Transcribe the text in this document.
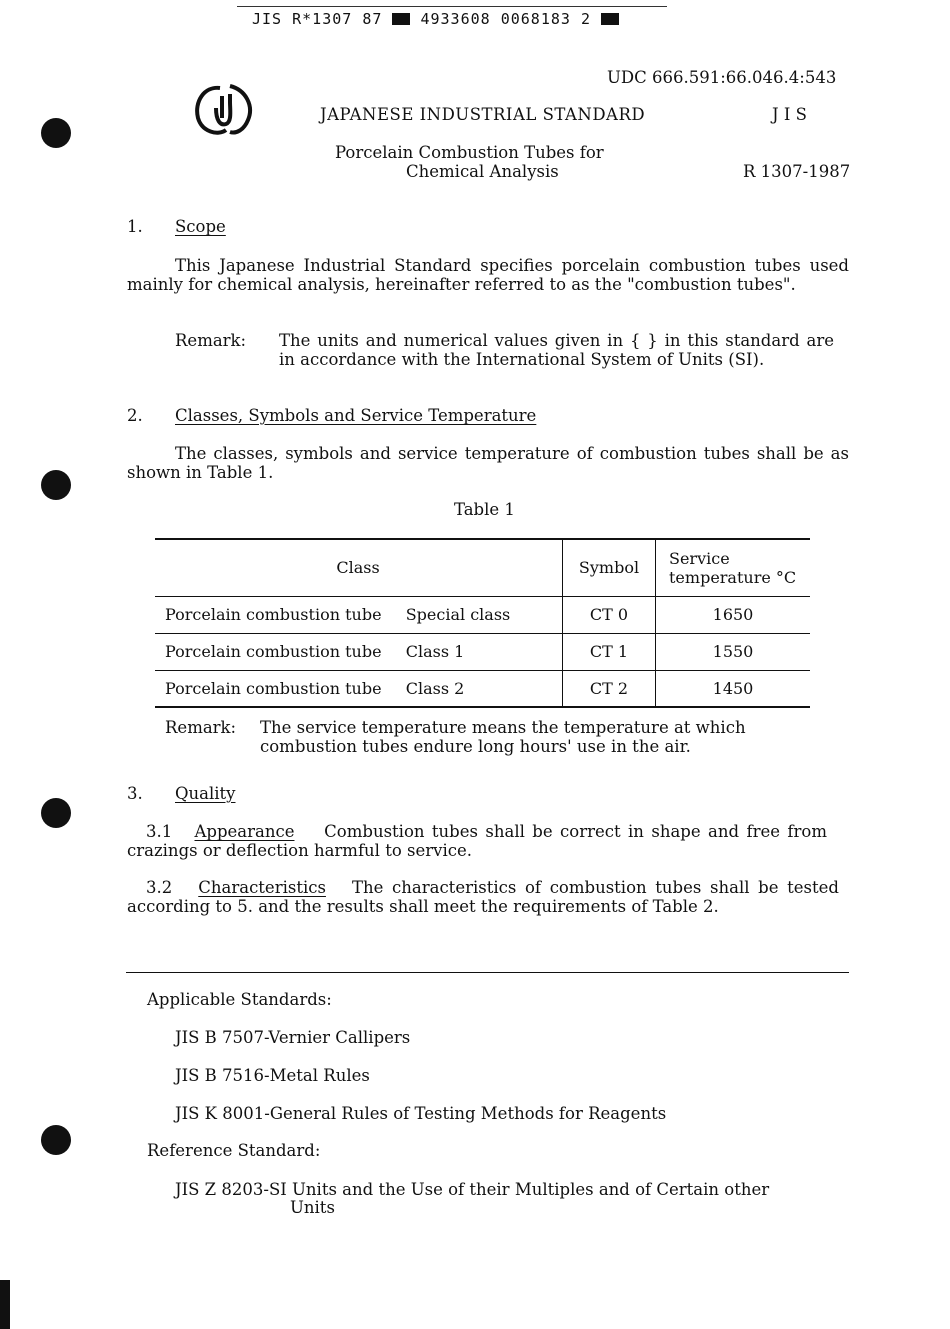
JIS R*1307 87	4933608 0068183 2
UDC 666.591:66.046.4:543
JAPANESE INDUSTRIAL STANDARD	J I S
Porcelain Combustion Tubes for
Chemical Analysis	R 1307-1987
1. Scope
This Japanese Industrial Standard specifies porcelain combustion tubes used mainly for chemical analysis, hereinafter referred to as the "combustion tubes".
Remark: The units and numerical values given in { } in this standard are in accordance with the International System of Units (SI).
2. Classes, Symbols and Service Temperature
The classes, symbols and service temperature of combustion tubes shall be as shown in Table 1.
Table 1
Class	Symbol	Service temperature °C
Porcelain combustion tube Special class	CT 0	1650
Porcelain combustion tube Class 1	CT 1	1550
Porcelain combustion tube Class 2	CT 2	1450
Remark: The service temperature means the temperature at which combustion tubes endure long hours' use in the air.
3. Quality
3.1 Appearance Combustion tubes shall be correct in shape and free from crazings or deflection harmful to service.
3.2 Characteristics The characteristics of combustion tubes shall be tested according to 5. and the results shall meet the requirements of Table 2.
Applicable Standards:
JIS B 7507-Vernier Callipers
JIS B 7516-Metal Rules
JIS K 8001-General Rules of Testing Methods for Reagents
Reference Standard:
JIS Z 8203-SI Units and the Use of their Multiples and of Certain other
Units
